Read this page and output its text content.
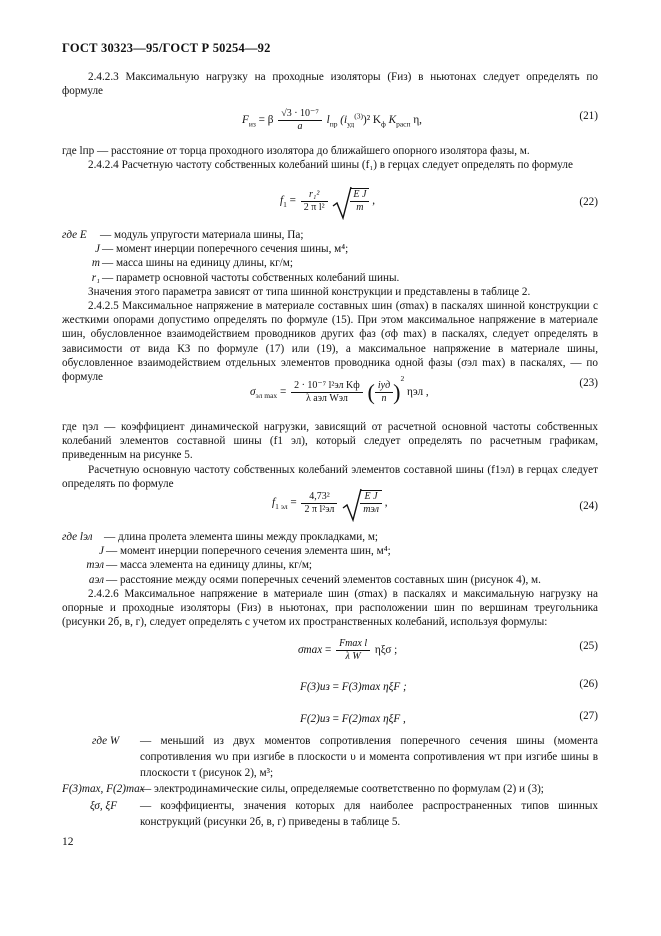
ГОСТ 30323—95/ГОСТ Р 50254—92
2.4.2.3 Максимальную нагрузку на проходные изоляторы (Fиз) в ньютонах следует определять по формуле
$F_{из} = \beta \frac{\text{√3 · 10⁻⁷}}{a} l_{пр}$ $(i_{уд}^{(3)})^2$ $K_ф$ $K_{расп}$ η,	(21)
где lпр — расстояние от торца проходного изолятора до ближайшего опорного изолятора фазы, м.
2.4.2.4 Расчетную частоту собственных колебаний шины (f₁) в герцах следует определять по формуле
$f_1 = \frac{\text{r₁²}}{\text{2 π l²}}$
$\frac{\text{E J}}{m}$ ,	(22)
где E	— модуль упругости материала шины, Па;
J — момент инерции поперечного сечения шины, м⁴;
m — масса шины на единицу длины, кг/м;
r₁ — параметр основной частоты собственных колебаний шины.
Значения этого параметра зависят от типа шинной конструкции и представлены в таблице 2.
2.4.2.5 Максимальное напряжение в материале составных шин (σmax) в паскалях шинной конструкции с жесткими опорами допустимо определять по формуле (15). При этом максимальное напряжение в материале шин, обусловленное взаимодействием проводников других фаз (σф max) в паскалях, следует определять в зависимости от вида КЗ по формуле (17) или (19), а максимальное напряжение в материале шины, обусловленное взаимодействием отдельных элементов проводника одной фазы (σэл max) в паскалях, — по формуле
$\sigma_{эл max} = \frac{\text{2 · 10⁻⁷ l²эл Kф}}{\text{λ aэл Wэл}}$ ( $\frac{\text{iуд}}{n} )^2$ ηэл ,
(23)
где ηэл — коэффициент динамической нагрузки, зависящий от расчетной основной частоты собственных колебаний элементов составной шины (f1 эл), который следует определять по расчетным графикам, приведенным на рисунке 5.
Расчетную основную частоту собственных колебаний элементов составной шины (f1эл) в герцах следует определять по формуле
$f_{1 эл} = \frac{\text{4,73²}}{\text{2 π l²эл}}$
$\frac{\text{E J}}{\text{mэл}}$ ,	(24)
где lэл	— длина пролета элемента шины между прокладками, м;
J — момент инерции поперечного сечения элемента шин, м⁴;
mэл — масса элемента на единицу длины, кг/м;
aэл — расстояние между осями поперечных сечений элементов составных шин (рисунок 4), м.
2.4.2.6 Максимальное напряжение в материале шин (σmax) в паскалях и максимальную нагрузку на опорные и проходные изоляторы (Fиз) в ньютонах, при расположении шин по вершинам треугольника (рисунки 2б, в, г), следует определять с учетом их пространственных колебаний, используя формулы:
$\sigma\max = \frac{\text{Fmax l}}{\text{λ W}}$ ηξσ ;	(25)
F(3)из = F(3)max ηξF ;	(26)
F(2)из = F(2)max ηξF ,	(27)
где W	— меньший из двух моментов сопротивления поперечного сечения шины (момента сопротивления wυ при изгибе в плоскости υ и момента сопротивления wτ при изгибе шины в плоскости τ (рисунок 2), м³;
F(3)max, F(2)max
— электродинамические силы, определяемые соответственно по формулам (2) и (3);
ξσ, ξF	— коэффициенты, значения которых для наиболее распространенных типов шинных конструкций (рисунки 2б, в, г) приведены в таблице 5.
12
